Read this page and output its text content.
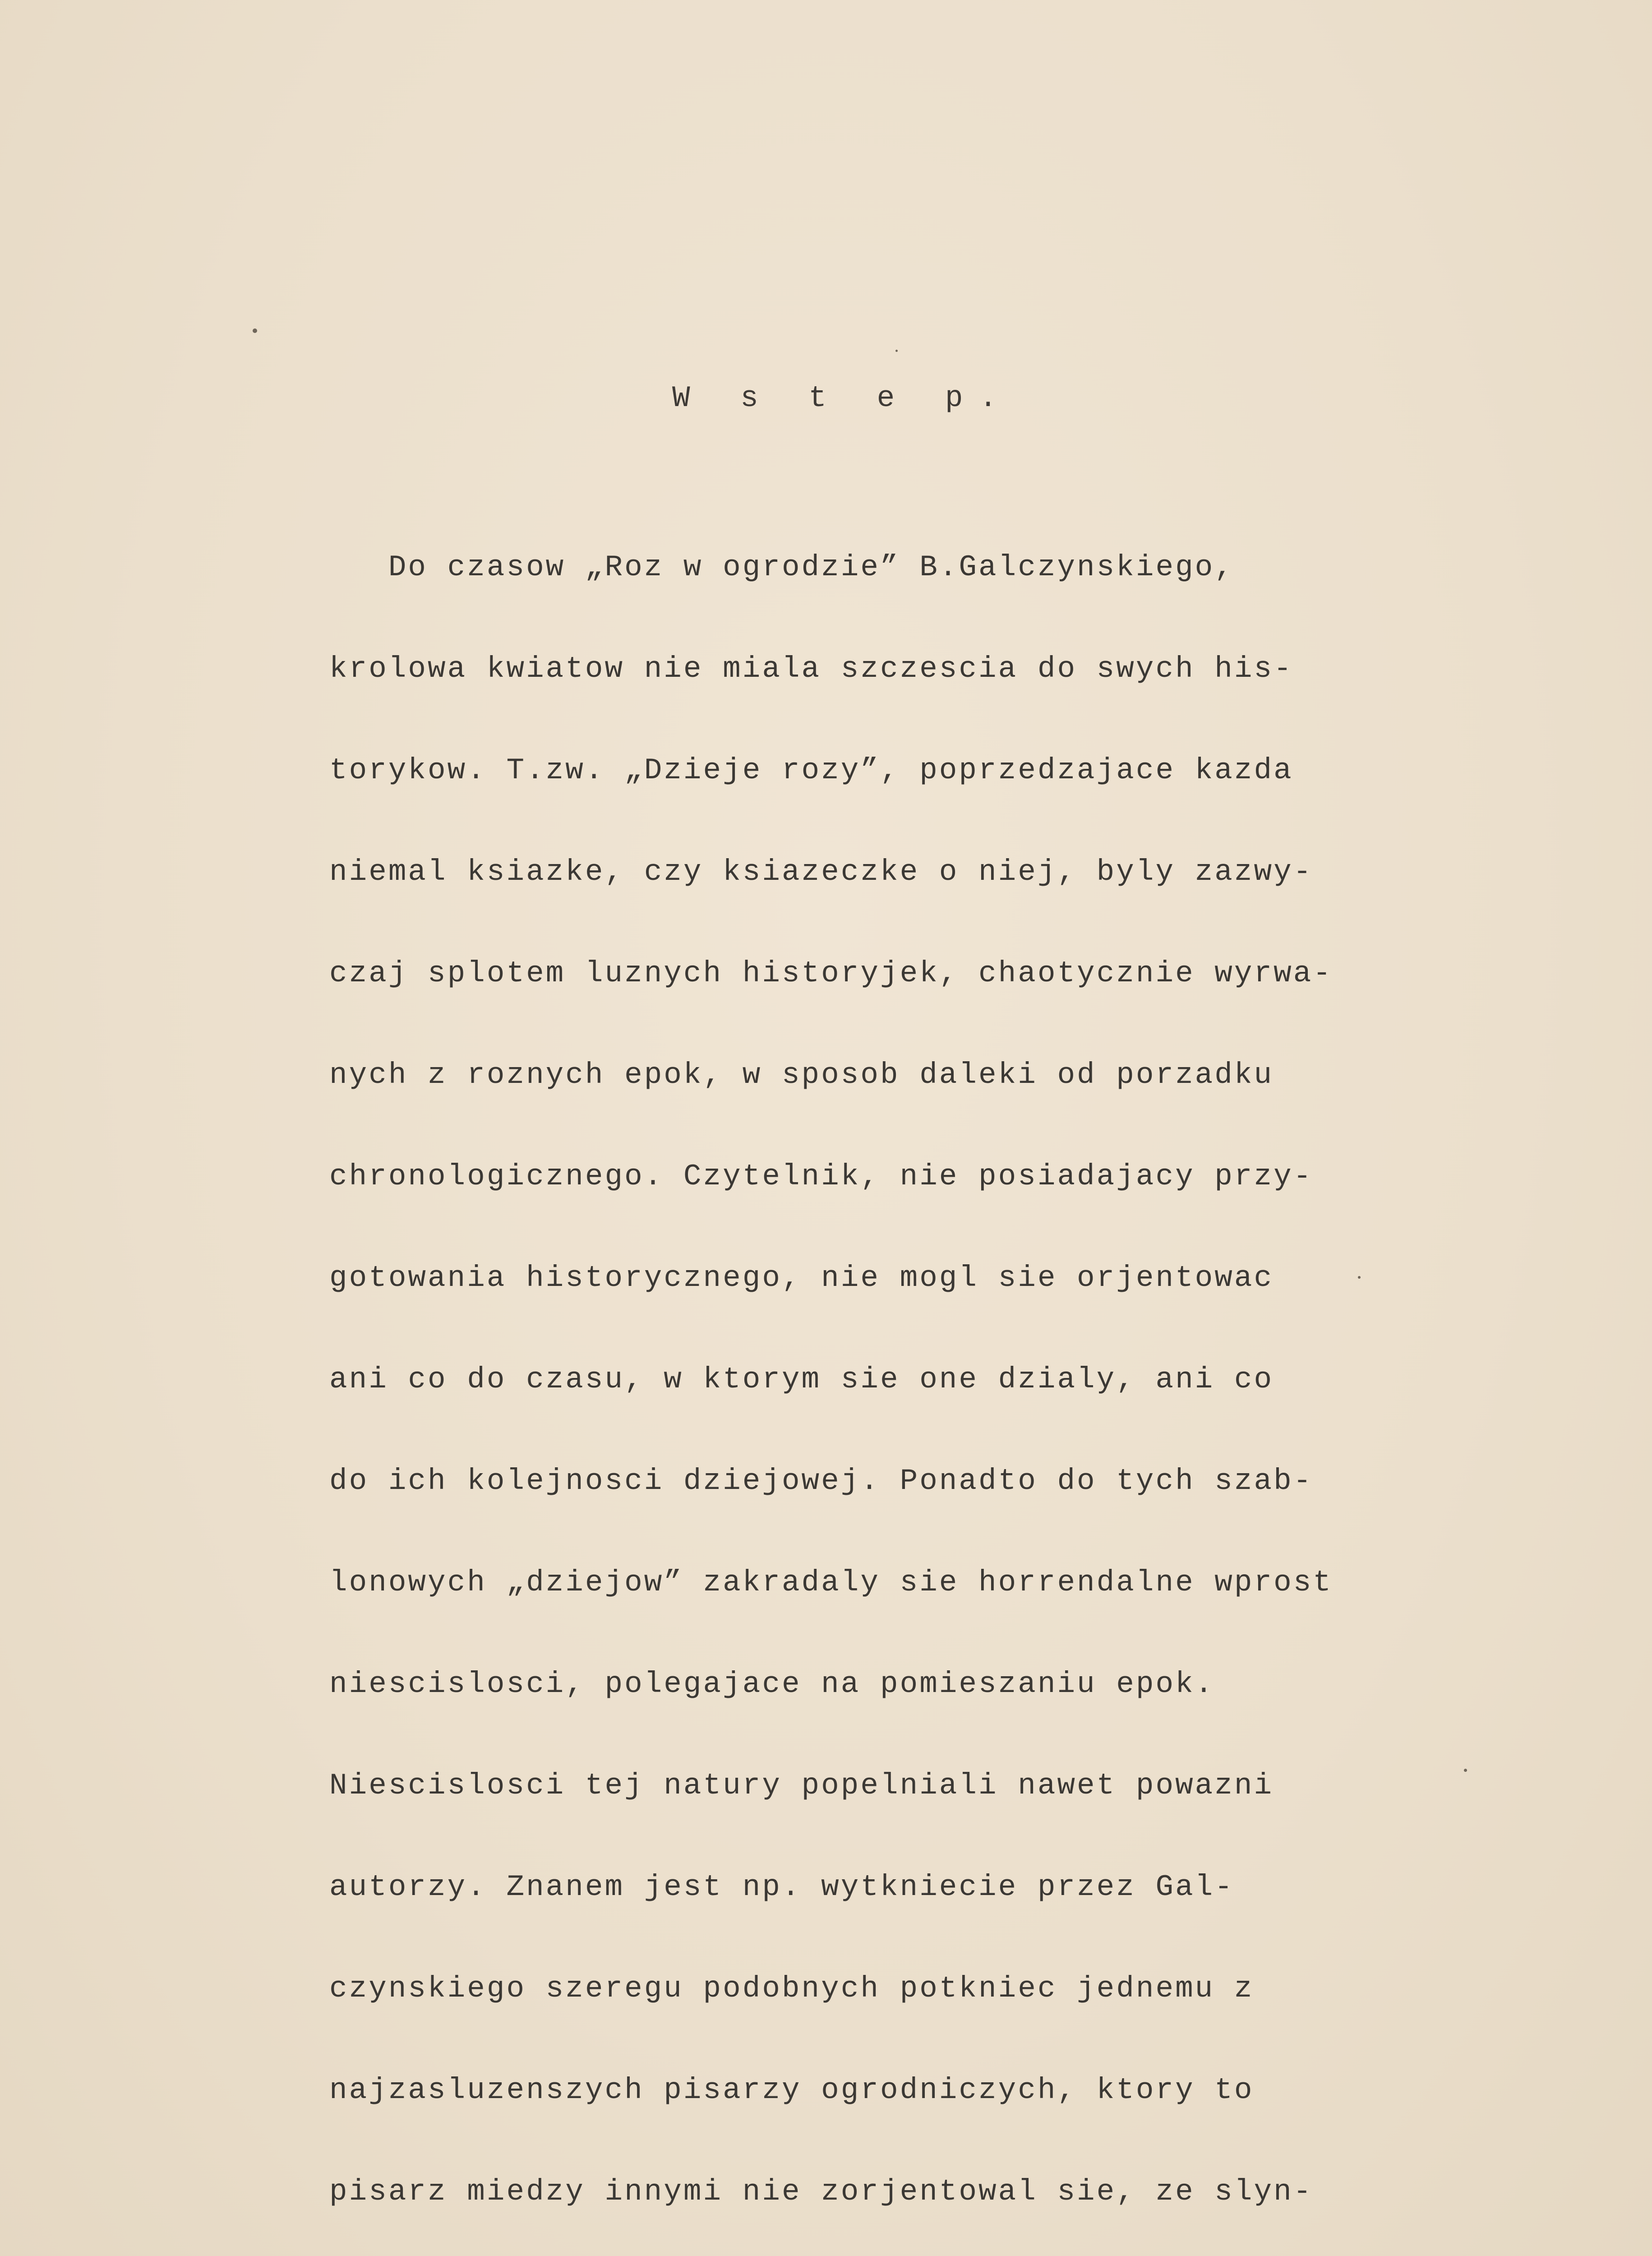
W s t e p.

Do czasow „Roz w ogrodzie” B.Galczynskiego,

krolowa kwiatow nie miala szczescia do swych his-

torykow. T.zw. „Dzieje rozy”, poprzedzajace kazda

niemal ksiazke, czy ksiazeczke o niej, byly zazwy-

czaj splotem luznych historyjek, chaotycznie wyrwa-

nych z roznych epok, w sposob daleki od porzadku

chronologicznego. Czytelnik, nie posiadajacy przy-

gotowania historycznego, nie mogl sie orjentowac

ani co do czasu, w ktorym sie one dzialy, ani co

do ich kolejnosci dziejowej. Ponadto do tych szab-

lonowych „dziejow” zakradaly sie horrendalne wprost

niescislosci, polegajace na pomieszaniu epok.

Niescislosci tej natury popelniali nawet powazni

autorzy. Znanem jest np. wytkniecie przez Gal-

czynskiego szeregu podobnych potkniec jednemu z

najzasluzenszych pisarzy ogrodniczych, ktory to

pisarz miedzy innymi nie zorjentowal sie, ze slyn-
